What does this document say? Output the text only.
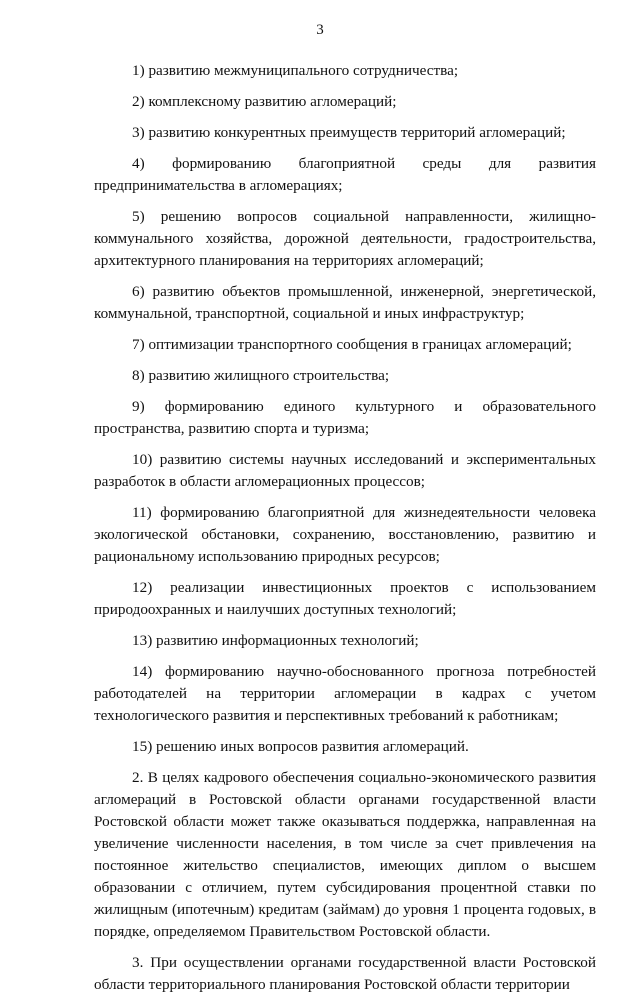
3

1) развитию межмуниципального сотрудничества;

2) комплексному развитию агломераций;

3) развитию конкурентных преимуществ территорий агломераций;

4) формированию благоприятной среды для развития предпринимательства в агломерациях;

5) решению вопросов социальной направленности, жилищно-коммунального хозяйства, дорожной деятельности, градостроительства, архитектурного планирования на территориях агломераций;

6) развитию объектов промышленной, инженерной, энергетической, коммунальной, транспортной, социальной и иных инфраструктур;

7) оптимизации транспортного сообщения в границах агломераций;

8) развитию жилищного строительства;

9) формированию единого культурного и образовательного пространства, развитию спорта и туризма;

10) развитию системы научных исследований и экспериментальных разработок в области агломерационных процессов;

11) формированию благоприятной для жизнедеятельности человека экологической обстановки, сохранению, восстановлению, развитию и рациональному использованию природных ресурсов;

12) реализации инвестиционных проектов с использованием природоохранных и наилучших доступных технологий;

13) развитию информационных технологий;

14) формированию научно-обоснованного прогноза потребностей работодателей на территории агломерации в кадрах с учетом технологического развития и перспективных требований к работникам;

15) решению иных вопросов развития агломераций.

2. В целях кадрового обеспечения социально-экономического развития агломераций в Ростовской области органами государственной власти Ростовской области может также оказываться поддержка, направленная на увеличение численности населения, в том числе за счет привлечения на постоянное жительство специалистов, имеющих диплом о высшем образовании с отличием, путем субсидирования процентной ставки по жилищным (ипотечным) кредитам (займам) до уровня 1 процента годовых, в порядке, определяемом Правительством Ростовской области.

3. При осуществлении органами государственной власти Ростовской области территориального планирования Ростовской области территории
